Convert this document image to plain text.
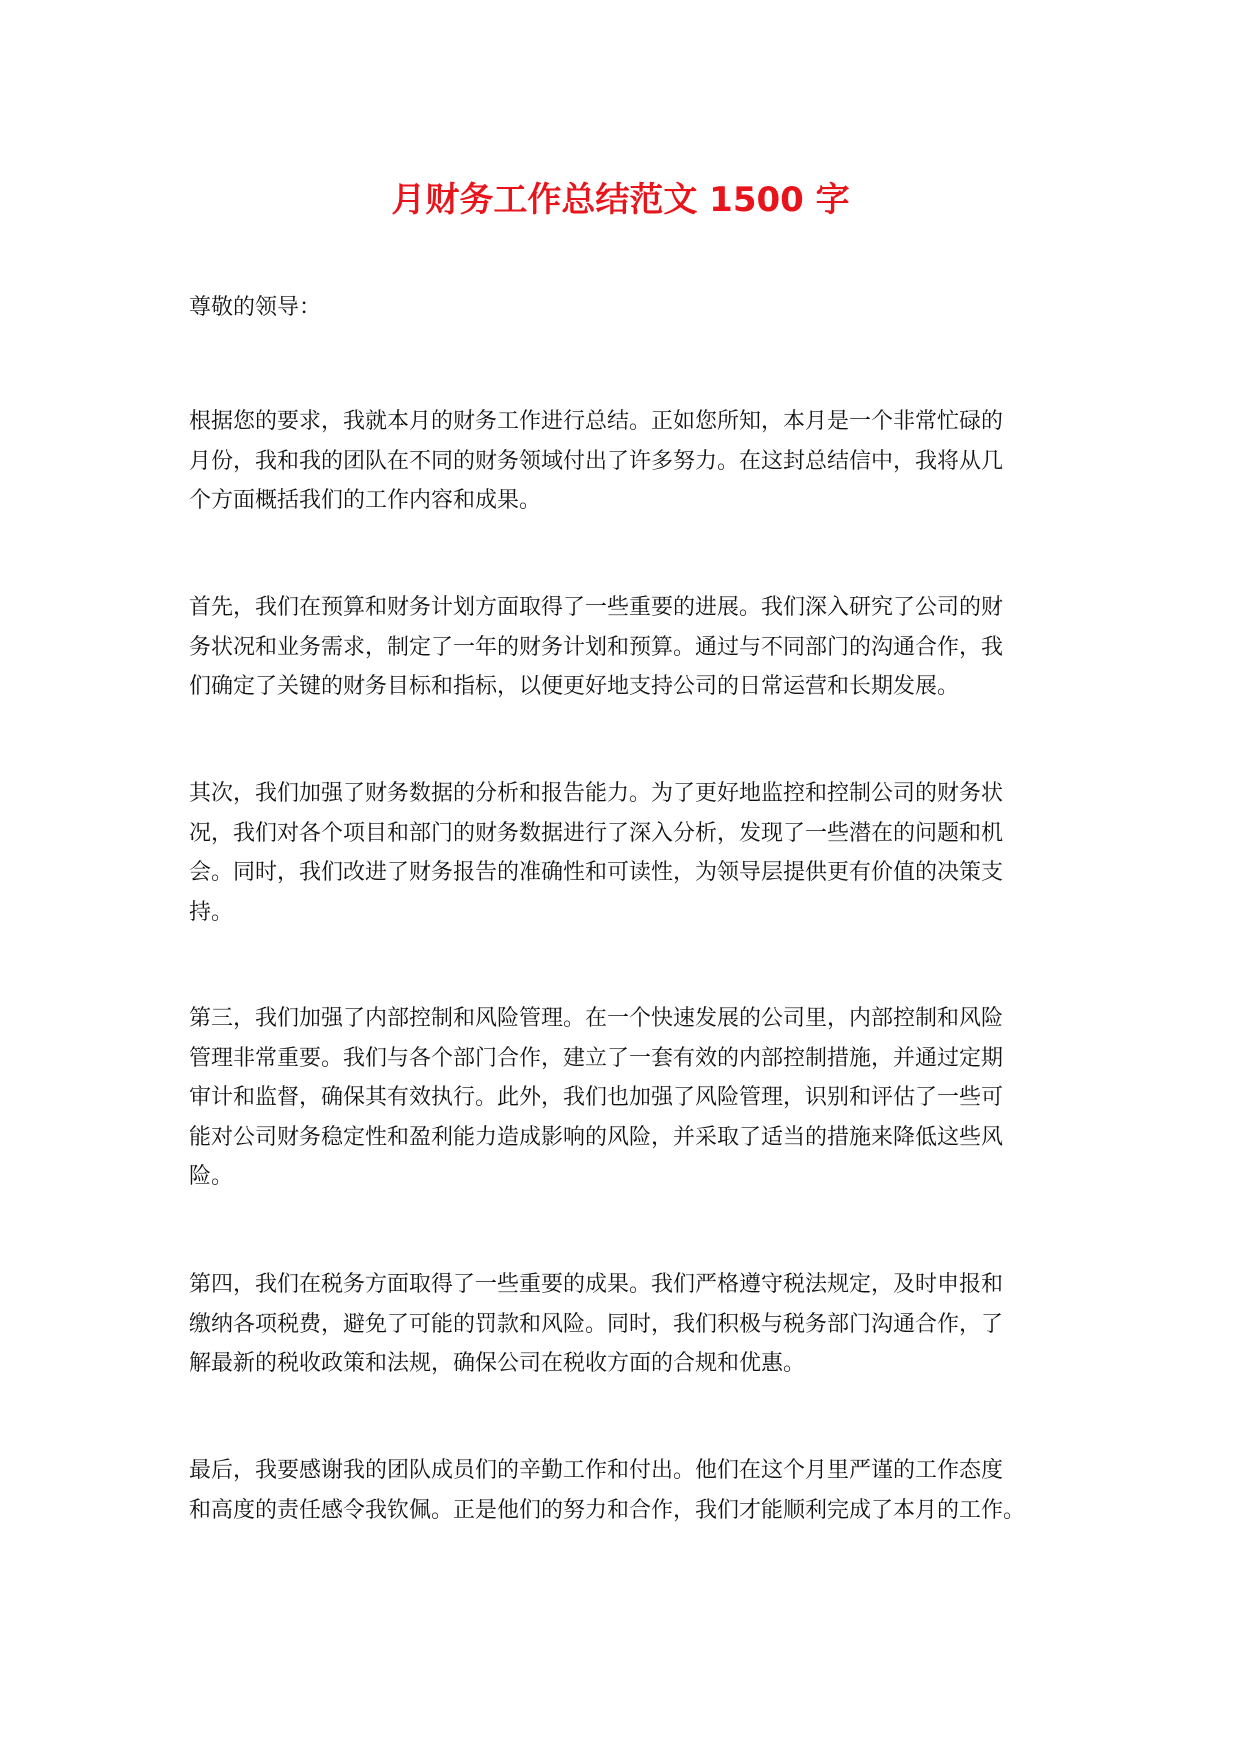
月财务工作总结范文 1500 字

尊敬的领导：

根据您的要求，我就本月的财务工作进行总结。正如您所知，本月是一个非常忙碌的
月份，我和我的团队在不同的财务领域付出了许多努力。在这封总结信中，我将从几
个方面概括我们的工作内容和成果。

首先，我们在预算和财务计划方面取得了一些重要的进展。我们深入研究了公司的财
务状况和业务需求，制定了一年的财务计划和预算。通过与不同部门的沟通合作，我
们确定了关键的财务目标和指标，以便更好地支持公司的日常运营和长期发展。

其次，我们加强了财务数据的分析和报告能力。为了更好地监控和控制公司的财务状
况，我们对各个项目和部门的财务数据进行了深入分析，发现了一些潜在的问题和机
会。同时，我们改进了财务报告的准确性和可读性，为领导层提供更有价值的决策支
持。

第三，我们加强了内部控制和风险管理。在一个快速发展的公司里，内部控制和风险
管理非常重要。我们与各个部门合作，建立了一套有效的内部控制措施，并通过定期
审计和监督，确保其有效执行。此外，我们也加强了风险管理，识别和评估了一些可
能对公司财务稳定性和盈利能力造成影响的风险，并采取了适当的措施来降低这些风
险。

第四，我们在税务方面取得了一些重要的成果。我们严格遵守税法规定，及时申报和
缴纳各项税费，避免了可能的罚款和风险。同时，我们积极与税务部门沟通合作，了
解最新的税收政策和法规，确保公司在税收方面的合规和优惠。

最后，我要感谢我的团队成员们的辛勤工作和付出。他们在这个月里严谨的工作态度
和高度的责任感令我钦佩。正是他们的努力和合作，我们才能顺利完成了本月的工作。
